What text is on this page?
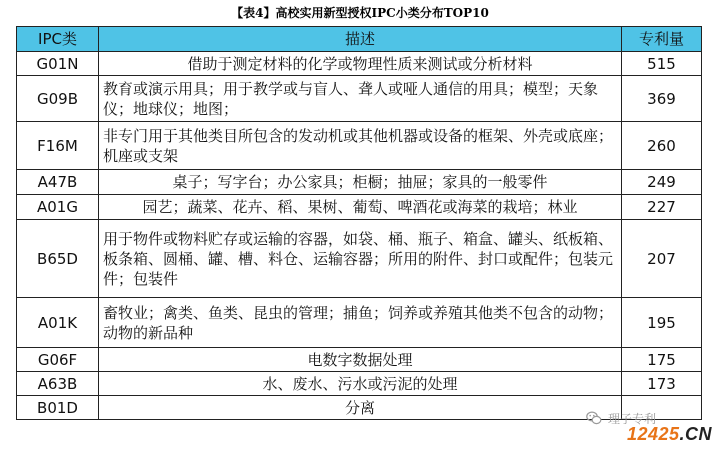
【表4】高校实用新型授权IPC小类分布TOP10
IPC类	描述	专利量
G01N	借助于测定材料的化学或物理性质来测试或分析材料	515
G09B	教育或演示用具；用于教学或与盲人、聋人或哑人通信的用具；模型；天象仪；地球仪；地图；	369
F16M	非专门用于其他类目所包含的发动机或其他机器或设备的框架、外壳或底座；机座或支架	260
A47B	桌子；写字台；办公家具；柜橱；抽屉；家具的一般零件	249
A01G	园艺；蔬菜、花卉、稻、果树、葡萄、啤酒花或海菜的栽培；林业	227
B65D	用于物件或物料贮存或运输的容器，如袋、桶、瓶子、箱盒、罐头、纸板箱、板条箱、圆桶、罐、槽、料仓、运输容器；所用的附件、封口或配件；包装元件；包装件	207
A01K	畜牧业；禽类、鱼类、昆虫的管理；捕鱼；饲养或养殖其他类不包含的动物；动物的新品种	195
G06F	电数字数据处理	175
A63B	水、废水、污水或污泥的处理	173
B01D	分离	
理子专利
12425.CN
